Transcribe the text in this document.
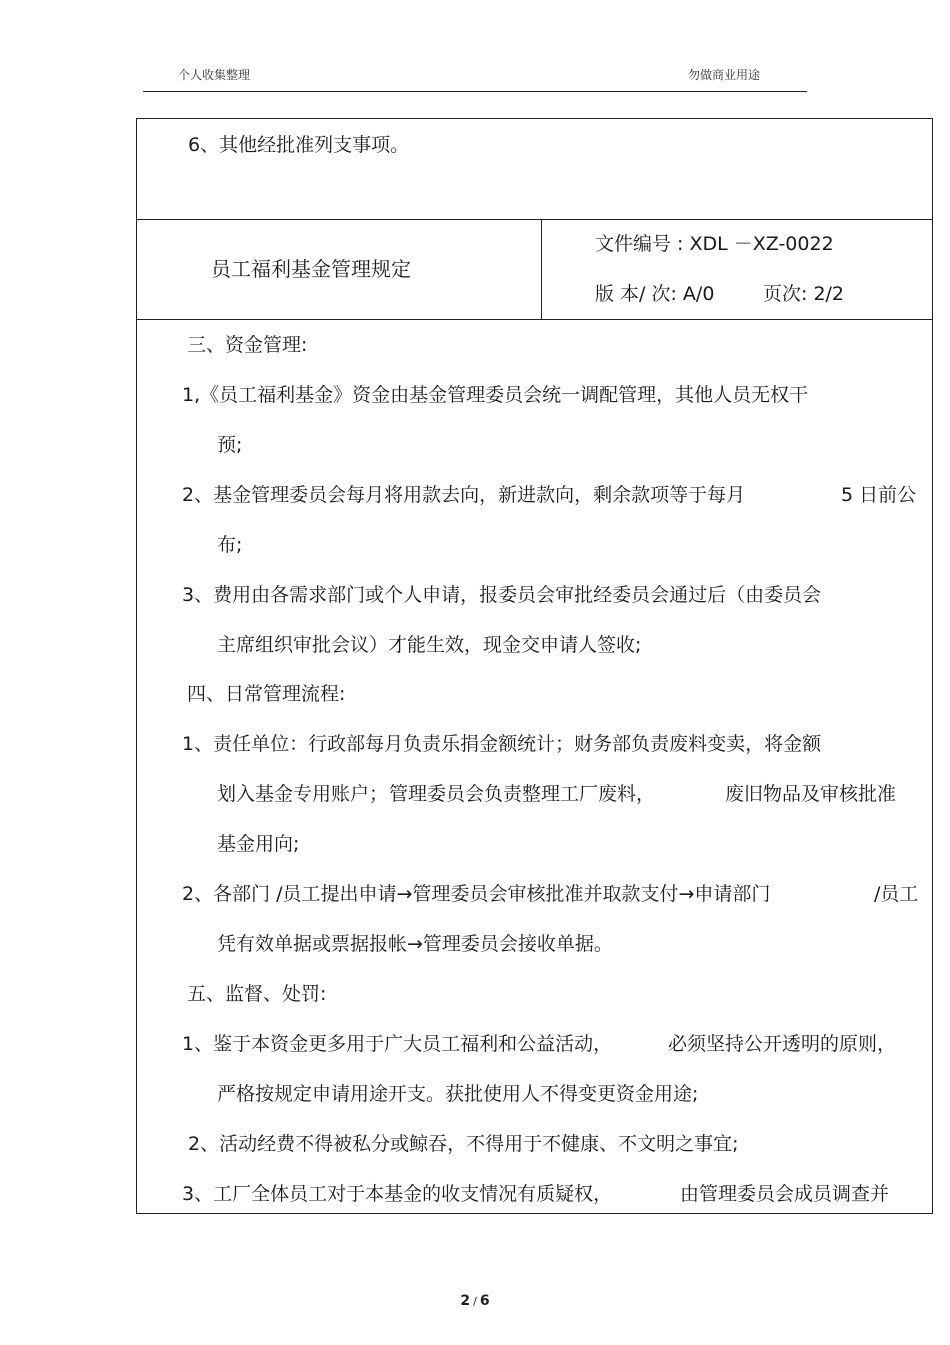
个人收集整理	勿做商业用途
6、其他经批准列支事项。
员工福利基金管理规定
文件编号 : XDL －XZ-0022
版 本/ 次: A/0	页次: 2/2
三、资金管理:
1,《员工福利基金》资金由基金管理委员会统一调配管理，其他人员无权干
预;
2、基金管理委员会每月将用款去向，新进款向，剩余款项等于每月	5 日前公
布;
3、费用由各需求部门或个人申请，报委员会审批经委员会通过后（由委员会
主席组织审批会议）才能生效，现金交申请人签收;
四、日常管理流程:
1、责任单位：行政部每月负责乐捐金额统计；财务部负责废料变卖，将金额
划入基金专用账户； 管理委员会负责整理工厂废料，	废旧物品及审核批准
基金用向;
2、各部门 /员工提出申请→管理委员会审核批准并取款支付→申请部门	/员工
凭有效单据或票据报帐→管理委员会接收单据。
五、监督、处罚:
1、鉴于本资金更多用于广大员工福利和公益活动，	必须坚持公开透明的原则，
严格按规定申请用途开支。获批使用人不得变更资金用途;
2、活动经费不得被私分或鲸吞，不得用于不健康、不文明之事宜;
3、工厂全体员工对于本基金的收支情况有质疑权，	由管理委员会成员调查并
2 / 6
